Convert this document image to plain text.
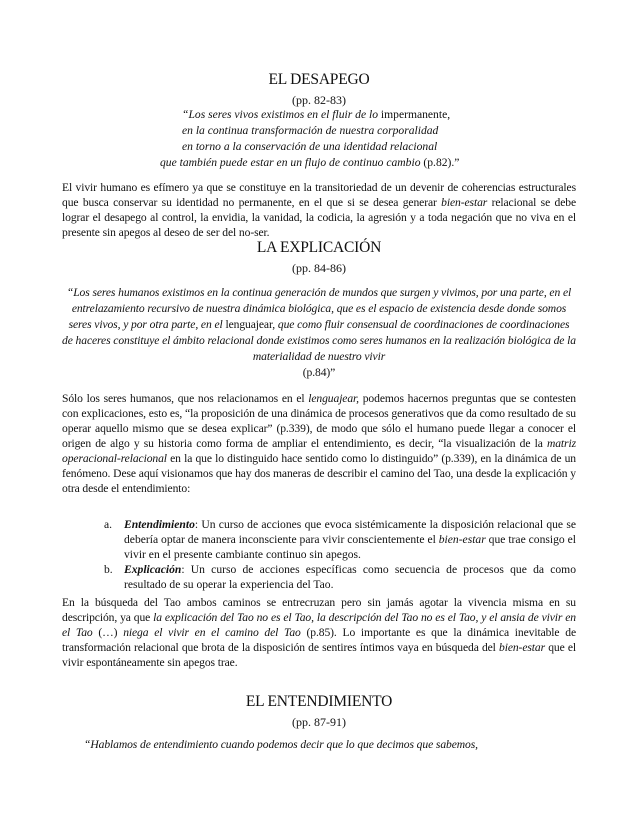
EL DESAPEGO
(pp. 82-83)
“Los seres vivos existimos en el fluir de lo impermanente,
en la continua transformación de nuestra corporalidad
en torno a la conservación de una identidad relacional
que también puede estar en un flujo de continuo cambio (p.82).”

El vivir humano es efímero ya que se constituye en la transitoriedad de un devenir de coherencias estructurales que busca conservar su identidad no permanente, en el que si se desea generar bien-estar relacional se debe lograr el desapego al control, la envidia, la vanidad, la codicia, la agresión y a toda negación que no viva en el presente sin apegos al deseo de ser del no-ser.

LA EXPLICACIÓN
(pp. 84-86)

“Los seres humanos existimos en la continua generación de mundos que surgen y vivimos, por una parte, en el entrelazamiento recursivo de nuestra dinámica biológica, que es el espacio de existencia desde donde somos seres vivos, y por otra parte, en el lenguajear, que como fluir consensual de coordinaciones de coordinaciones de haceres constituye el ámbito relacional donde existimos como seres humanos en la realización biológica de la materialidad de nuestro vivir
(p.84)”

Sólo los seres humanos, que nos relacionamos en el lenguajear, podemos hacernos preguntas que se contesten con explicaciones, esto es, “la proposición de una dinámica de procesos generativos que da como resultado de su operar aquello mismo que se desea explicar” (p.339), de modo que sólo el humano puede llegar a conocer el origen de algo y su historia como forma de ampliar el entendimiento, es decir, “la visualización de la matriz operacional-relacional en la que lo distinguido hace sentido como lo distinguido” (p.339), en la dinámica de un fenómeno. Dese aquí visionamos que hay dos maneras de describir el camino del Tao, una desde la explicación y otra desde el entendimiento:

a. Entendimiento: Un curso de acciones que evoca sistémicamente la disposición relacional que se debería optar de manera inconsciente para vivir conscientemente el bien-estar que trae consigo el vivir en el presente cambiante continuo sin apegos.
b. Explicación: Un curso de acciones específicas como secuencia de procesos que da como resultado de su operar la experiencia del Tao.

En la búsqueda del Tao ambos caminos se entrecruzan pero sin jamás agotar la vivencia misma en su descripción, ya que la explicación del Tao no es el Tao, la descripción del Tao no es el Tao, y el ansia de vivir en el Tao (…) niega el vivir en el camino del Tao (p.85). Lo importante es que la dinámica inevitable de transformación relacional que brota de la disposición de sentires íntimos vaya en búsqueda del bien-estar que el vivir espontáneamente sin apegos trae.

EL ENTENDIMIENTO
(pp. 87-91)

“Hablamos de entendimiento cuando podemos decir que lo que decimos que sabemos,
